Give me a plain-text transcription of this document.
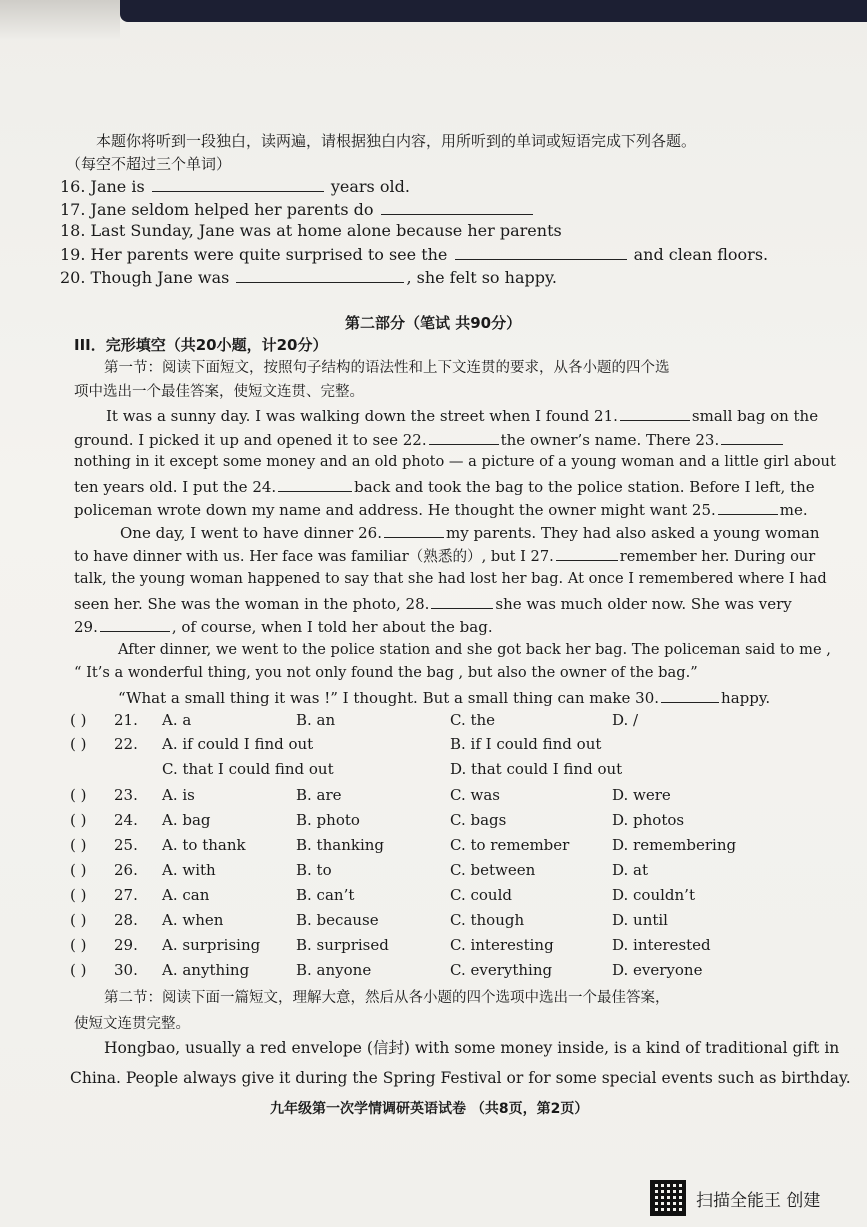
本题你将听到一段独白，读两遍，请根据独白内容，用所听到的单词或短语完成下列各题。
（每空不超过三个单词）
16. Jane is	years old.
17. Jane seldom helped her parents do
18. Last Sunday, Jane was at home alone because her parents
19. Her parents were quite surprised to see the	and clean floors.
20. Though Jane was	, she felt so happy.
第二部分（笔试 共90分）
III．完形填空（共20小题，计20分）
第一节：阅读下面短文，按照句子结构的语法性和上下文连贯的要求，从各小题的四个选
项中选出一个最佳答案，使短文连贯、完整。
It was a sunny day. I was walking down the street when I found 21.	small bag on the
ground. I picked it up and opened it to see 22.	the owner’s name. There 23.
nothing in it except some money and an old photo — a picture of a young woman and a little girl about
ten years old. I put the 24.	back and took the bag to the police station. Before I left, the
policeman wrote down my name and address. He thought the owner might want 25.	me.
One day, I went to have dinner 26.	my parents. They had also asked a young woman
to have dinner with us. Her face was familiar（熟悉的）, but I 27.	remember her. During our
talk, the young woman happened to say that she had lost her bag. At once I remembered where I had
seen her. She was the woman in the photo, 28.	she was much older now. She was very
29.	, of course, when I told her about the bag.
After dinner, we went to the police station and she got back her bag. The policeman said to me ,
“ It’s a wonderful thing, you not only found the bag , but also the owner of the bag.”
“What a small thing it was !” I thought. But a small thing can make 30.	happy.
( ) 21. A. a	B. an	C. the	D. /
( ) 22. A. if could I find out	B. if I could find out
C. that I could find out	D. that could I find out
( ) 23. A. is	B. are	C. was	D. were
( ) 24. A. bag	B. photo	C. bags	D. photos
( ) 25. A. to thank	B. thanking	C. to remember	D. remembering
( ) 26. A. with	B. to	C. between	D. at
( ) 27. A. can	B. can’t	C. could	D. couldn’t
( ) 28. A. when	B. because	C. though	D. until
( ) 29. A. surprising B. surprised	C. interesting	D. interested
( ) 30. A. anything	B. anyone	C. everything	D. everyone
第二节：阅读下面一篇短文，理解大意，然后从各小题的四个选项中选出一个最佳答案，
使短文连贯完整。
Hongbao, usually a red envelope (信封) with some money inside, is a kind of traditional gift in
China. People always give it during the Spring Festival or for some special events such as birthday.
九年级第一次学情调研英语试卷 （共8页，第2页）
扫描全能王 创建
